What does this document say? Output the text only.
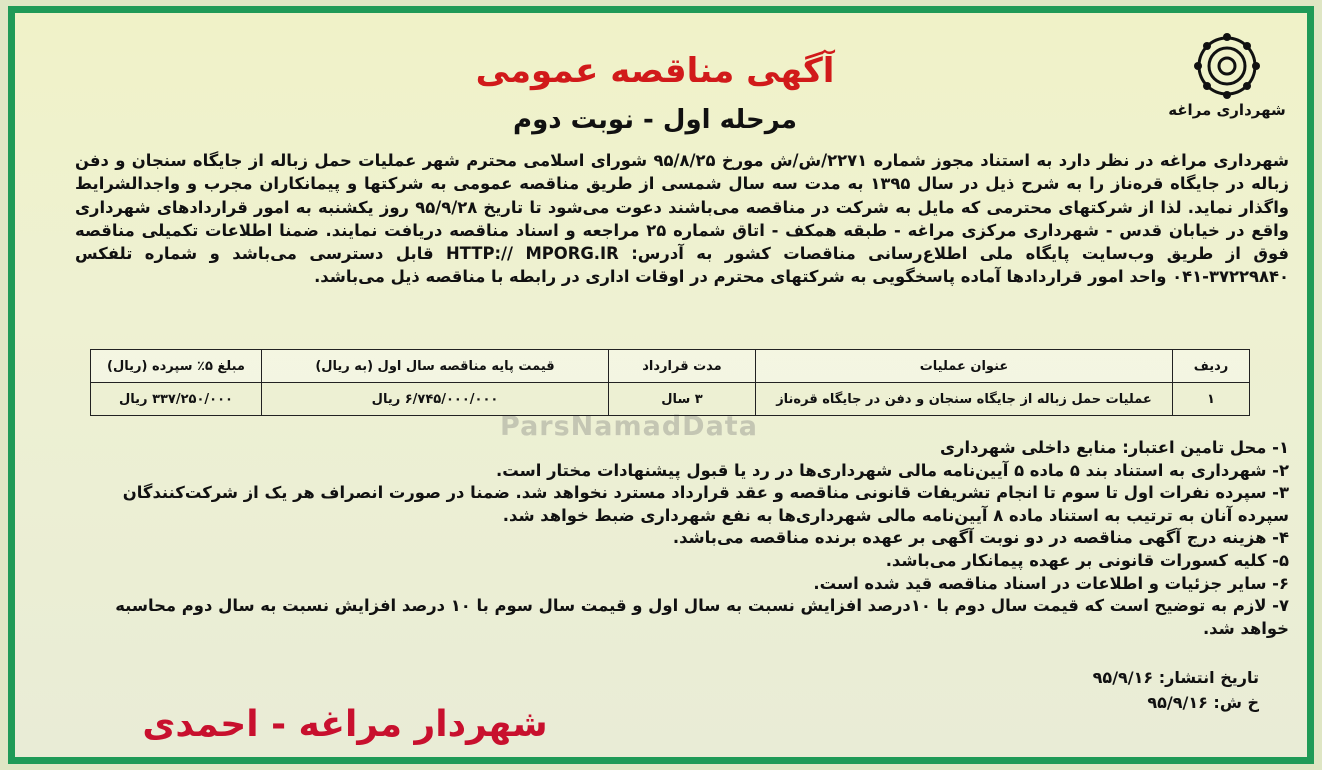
ParsNamadData
شهرداری مراغه
آگهی مناقصه عمومی
مرحله اول - نوبت دوم
شهرداری مراغه در نظر دارد به استناد مجوز شماره ۲۲۷۱/ش/ش مورخ ۹۵/۸/۲۵ شورای اسلامی محترم شهر عملیات حمل زباله از جایگاه سنجان و دفن زباله در جایگاه قره‌ناز را به شرح ذیل در سال ۱۳۹۵ به مدت سه سال شمسی از طریق مناقصه عمومی به شرکتها و پیمانکاران مجرب و واجدالشرایط واگذار نماید. لذا از شرکتهای محترمی که مایل به شرکت در مناقصه می‌باشند دعوت می‌شود تا تاریخ ۹۵/۹/۲۸ روز یکشنبه به امور قراردادهای شهرداری واقع در خیابان قدس - شهرداری مرکزی مراغه - طبقه همکف - اتاق شماره ۲۵ مراجعه و اسناد مناقصه دریافت نمایند. ضمنا اطلاعات تکمیلی مناقصه فوق از طریق وب‌سایت پایگاه ملی اطلاع‌رسانی مناقصات کشور به آدرس: HTTP:// MPORG.IR قابل دسترسی می‌باشد و شماره تلفکس ۳۷۲۲۹۸۴۰-۰۴۱ واحد امور قراردادها آماده پاسخگویی به شرکتهای محترم در اوقات اداری در رابطه با مناقصه ذیل می‌باشد.
ردیف	عنوان عملیات	مدت قرارداد	قیمت پایه مناقصه سال اول (به ریال)	مبلغ ۵٪ سپرده (ریال)
۱	عملیات حمل زباله از جایگاه سنجان و دفن در جایگاه قره‌ناز	۳ سال	۶/۷۴۵/۰۰۰/۰۰۰ ریال	۳۳۷/۲۵۰/۰۰۰ ریال
۱- محل تامین اعتبار: منابع داخلی شهرداری
۲- شهرداری به استناد بند ۵ ماده ۵ آیین‌نامه مالی شهرداری‌ها در رد یا قبول پیشنهادات مختار است.
۳- سپرده نفرات اول تا سوم تا انجام تشریفات قانونی مناقصه و عقد قرارداد مسترد نخواهد شد. ضمنا در صورت انصراف هر یک از شرکت‌کنندگان سپرده آنان به ترتیب به استناد ماده ۸ آیین‌نامه مالی شهرداری‌ها به نفع شهرداری ضبط خواهد شد.
۴- هزینه درج آگهی مناقصه در دو نوبت آگهی بر عهده برنده مناقصه می‌باشد.
۵- کلیه کسورات قانونی بر عهده پیمانکار می‌باشد.
۶- سایر جزئیات و اطلاعات در اسناد مناقصه قید شده است.
۷- لازم به توضیح است که قیمت سال دوم با ۱۰درصد افزایش نسبت به سال اول و قیمت سال سوم با ۱۰ درصد افزایش نسبت به سال دوم محاسبه خواهد شد.
تاریخ انتشار: ۹۵/۹/۱۶
خ ش: ۹۵/۹/۱۶
شهردار مراغه - احمدی
